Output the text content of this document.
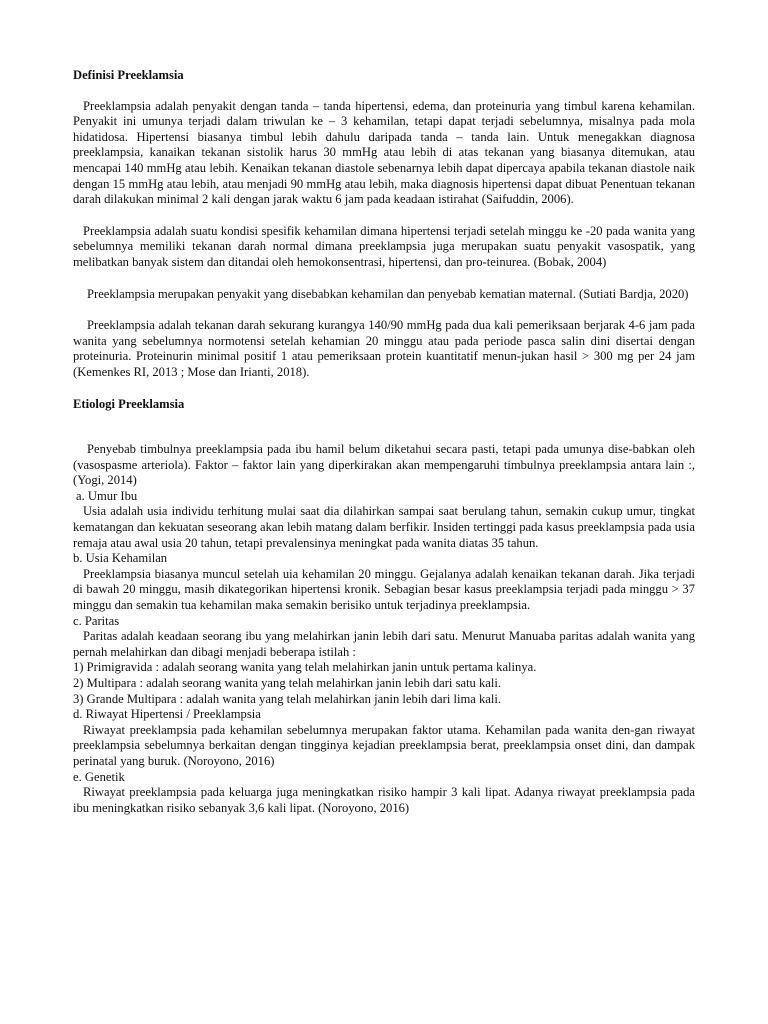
Definisi Preeklamsia

Preeklampsia adalah penyakit dengan tanda – tanda hipertensi, edema, dan proteinuria yang timbul karena kehamilan. Penyakit ini umunya terjadi dalam triwulan ke – 3 kehamilan, tetapi dapat terjadi sebelumnya, misalnya pada mola hidatidosa. Hipertensi biasanya timbul lebih dahulu daripada tanda – tanda lain. Untuk menegakkan diagnosa preeklampsia, kanaikan tekanan sistolik harus 30 mmHg atau lebih di atas tekanan yang biasanya ditemukan, atau mencapai 140 mmHg atau lebih. Kenaikan tekanan diastole sebenarnya lebih dapat dipercaya apabila tekanan diastole naik dengan 15 mmHg atau lebih, atau menjadi 90 mmHg atau lebih, maka diagnosis hipertensi dapat dibuat Penentuan tekanan darah dilakukan minimal 2 kali dengan jarak waktu 6 jam pada keadaan istirahat (Saifuddin, 2006).

Preeklampsia adalah suatu kondisi spesifik kehamilan dimana hipertensi terjadi setelah minggu ke -20 pada wanita yang sebelumnya memiliki tekanan darah normal dimana preeklampsia juga merupakan suatu penyakit vasospatik, yang melibatkan banyak sistem dan ditandai oleh hemokonsentrasi, hipertensi, dan pro-teinurea. (Bobak, 2004)

Preeklampsia merupakan penyakit yang disebabkan kehamilan dan penyebab kematian maternal. (Sutiati Bardja, 2020)

Preeklampsia adalah tekanan darah sekurang kurangya 140/90 mmHg pada dua kali pemeriksaan berjarak 4-6 jam pada wanita yang sebelumnya normotensi setelah kehamian 20 minggu atau pada periode pasca salin dini disertai dengan proteinuria. Proteinurin minimal positif 1 atau pemeriksaan protein kuantitatif menun-jukan hasil > 300 mg per 24 jam (Kemenkes RI, 2013 ; Mose dan Irianti, 2018).

Etiologi Preeklamsia

Penyebab timbulnya preeklampsia pada ibu hamil belum diketahui secara pasti, tetapi pada umunya dise-babkan oleh (vasospasme arteriola). Faktor – faktor lain yang diperkirakan akan mempengaruhi timbulnya preeklampsia antara lain :,(Yogi, 2014)

a. Umur Ibu

Usia adalah usia individu terhitung mulai saat dia dilahirkan sampai saat berulang tahun, semakin cukup umur, tingkat kematangan dan kekuatan seseorang akan lebih matang dalam berfikir. Insiden tertinggi pada kasus preeklampsia pada usia remaja atau awal usia 20 tahun, tetapi prevalensinya meningkat pada wanita diatas 35 tahun.

b. Usia Kehamilan

Preeklampsia biasanya muncul setelah uia kehamilan 20 minggu. Gejalanya adalah kenaikan tekanan darah. Jika terjadi di bawah 20 minggu, masih dikategorikan hipertensi kronik. Sebagian besar kasus preeklampsia terjadi pada minggu > 37 minggu dan semakin tua kehamilan maka semakin berisiko untuk terjadinya preeklampsia.

c. Paritas

Paritas adalah keadaan seorang ibu yang melahirkan janin lebih dari satu. Menurut Manuaba paritas adalah wanita yang pernah melahirkan dan dibagi menjadi beberapa istilah :

1) Primigravida : adalah seorang wanita yang telah melahirkan janin untuk pertama kalinya.

2) Multipara : adalah seorang wanita yang telah melahirkan janin lebih dari satu kali.

3) Grande Multipara : adalah wanita yang telah melahirkan janin lebih dari lima kali.

d. Riwayat Hipertensi / Preeklampsia

Riwayat preeklampsia pada kehamilan sebelumnya merupakan faktor utama. Kehamilan pada wanita den-gan riwayat preeklampsia sebelumnya berkaitan dengan tingginya kejadian preeklampsia berat, preeklampsia onset dini, dan dampak perinatal yang buruk. (Noroyono, 2016)

e. Genetik

Riwayat preeklampsia pada keluarga juga meningkatkan risiko hampir 3 kali lipat. Adanya riwayat preeklampsia pada ibu meningkatkan risiko sebanyak 3,6 kali lipat. (Noroyono, 2016)
